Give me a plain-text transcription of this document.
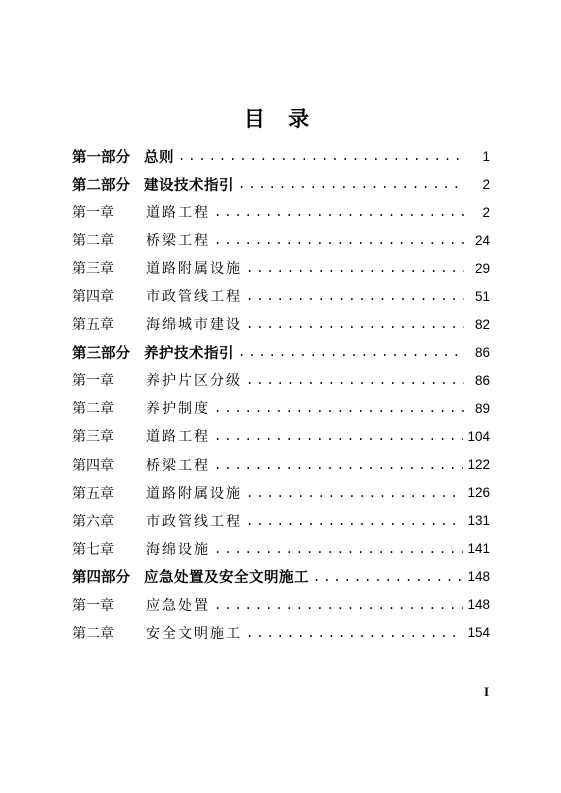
目 录
第一部分 总则 .....	1
第二部分 建设技术指引 .....	2
第一章	道路工程 .....	2
第二章	桥梁工程 .....	24
第三章	道路附属设施 .....	29
第四章	市政管线工程 .....	51
第五章	海绵城市建设 .....	82
第三部分 养护技术指引 .....	86
第一章	养护片区分级 .....	86
第二章	养护制度 .....	89
第三章	道路工程 .....	104
第四章	桥梁工程 .....	122
第五章	道路附属设施 .....	126
第六章	市政管线工程 .....	131
第七章	海绵设施 .....	141
第四部分 应急处置及安全文明施工 .....	148
第一章	应急处置 .....	148
第二章	安全文明施工 .....	154
I
